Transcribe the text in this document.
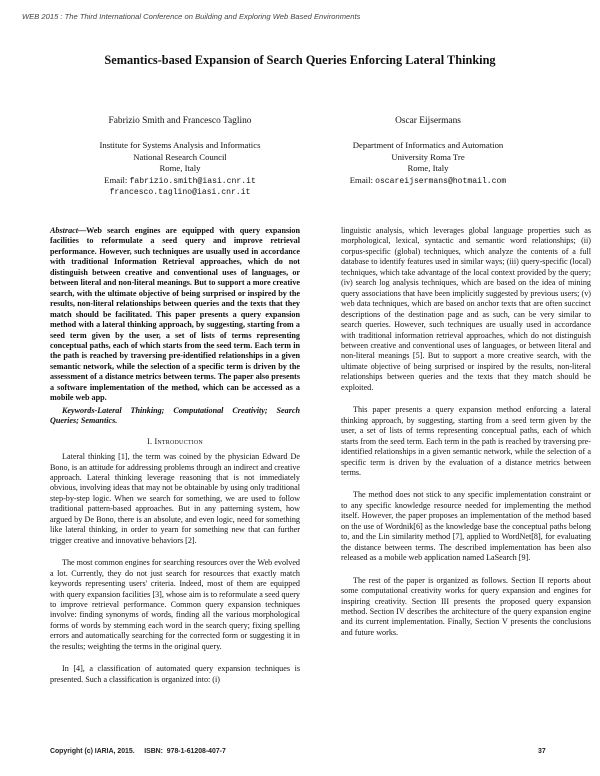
WEB 2015 : The Third International Conference on Building and Exploring Web Based Environments
Semantics-based Expansion of Search Queries Enforcing Lateral Thinking
Fabrizio Smith and Francesco Taglino
Institute for Systems Analysis and Informatics
National Research Council
Rome, Italy
Email: fabrizio.smith@iasi.cnr.it
francesco.taglino@iasi.cnr.it
Oscar Eijsermans
Department of Informatics and Automation
University Roma Tre
Rome, Italy
Email: oscareijsermans@hotmail.com

Abstract—Web search engines are equipped with query expansion facilities to reformulate a seed query and improve retrieval performance. However, such techniques are usually used in accordance with traditional Information Retrieval approaches, which do not distinguish between creative and conventional uses of languages, or between literal and non-literal meanings. But to support a more creative search, with the ultimate objective of being surprised or inspired by the results, non-literal relationships between queries and the texts that they match should be facilitated. This paper presents a query expansion method with a lateral thinking approach, by suggesting, starting from a seed term given by the user, a set of lists of terms representing conceptual paths, each of which starts from the seed term. Each term in the path is reached by traversing pre-identified relationships in a given semantic network, while the selection of a specific term is driven by the assessment of a distance metrics between terms. The paper also presents a software implementation of the method, which can be accessed as a mobile web app.

Keywords-Lateral Thinking; Computational Creativity; Search Queries; Semantics.

I. Introduction

Lateral thinking [1], the term was coined by the physician Edward De Bono, is an attitude for addressing problems through an indirect and creative approach. Lateral thinking leverage reasoning that is not immediately obvious, involving ideas that may not be obtainable by using only traditional step-by-step logic. When we search for something, we are used to follow traditional pattern-based approaches. But in any patterning system, how argued by De Bono, there is an absolute, and even logic, need for something like lateral thinking, in order to yearn for something new that can further trigger creative and innovative behaviors [2].

The most common engines for searching resources over the Web evolved a lot. Currently, they do not just search for resources that exactly match keywords representing users' criteria. Indeed, most of them are equipped with query expansion facilities [3], whose aim is to reformulate a seed query to improve retrieval performance. Common query expansion techniques involve: finding synonyms of words, finding all the various morphological forms of words by stemming each word in the search query; fixing spelling errors and automatically searching for the corrected form or suggesting it in the results; weighting the terms in the original query.

In [4], a classification of automated query expansion techniques is presented. Such a classification is organized into: (i)

linguistic analysis, which leverages global language properties such as morphological, lexical, syntactic and semantic word relationships; (ii) corpus-specific (global) techniques, which analyze the contents of a full database to identify features used in similar ways; (iii) query-specific (local) techniques, which take advantage of the local context provided by the query; (iv) search log analysis techniques, which are based on the idea of mining query associations that have been implicitly suggested by previous users; (v) web data techniques, which are based on anchor texts that are often succinct descriptions of the destination page and as such, can be very similar to search queries. However, such techniques are usually used in accordance with traditional information retrieval approaches, which do not distinguish between creative and conventional uses of languages, or between literal and non-literal meanings [5]. But to support a more creative search, with the ultimate objective of being surprised or inspired by the results, non-literal relationships between queries and the texts that they match should be exploited.

This paper presents a query expansion method enforcing a lateral thinking approach, by suggesting, starting from a seed term given by the user, a set of lists of terms representing conceptual paths, each of which starts from the seed term. Each term in the path is reached by traversing pre-identified relationships in a given semantic network, while the selection of a specific term is driven by the evaluation of a distance metrics between terms.

The method does not stick to any specific implementation constraint or to any specific knowledge resource needed for implementing the method itself. However, the paper proposes an implementation of the method based on the use of Wordnik[6] as the knowledge base the conceptual paths belong to, and the Lin similarity method [7], applied to WordNet[8], for evaluating the distance between terms. The described implementation has been also released as a mobile web application named LaSearch [9].

The rest of the paper is organized as follows. Section II reports about some computational creativity works for query expansion and engines for inspiring creativity. Section III presents the proposed query expansion method. Section IV describes the architecture of the query expansion engine and its current implementation. Finally, Section V presents the conclusions and future works.

Copyright (c) IARIA, 2015.     ISBN:  978-1-61208-407-7	37
